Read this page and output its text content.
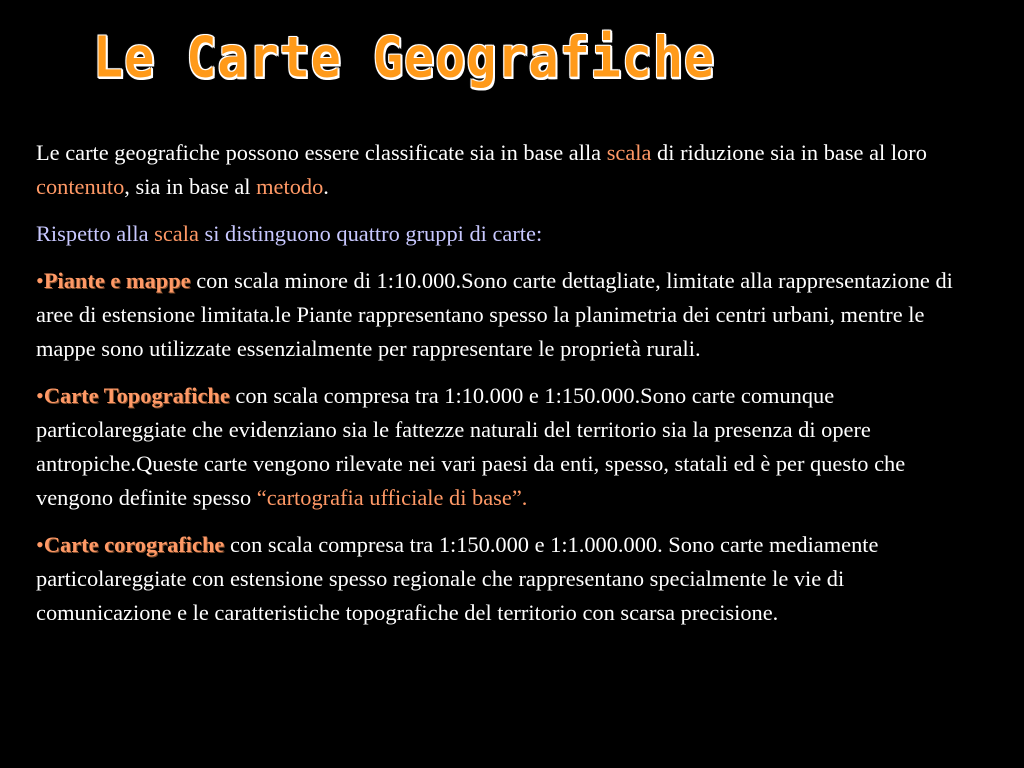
Le Carte Geografiche

Le carte geografiche possono essere classificate sia in base alla scala di riduzione sia in base al loro contenuto, sia in base al metodo.

Rispetto alla scala si distinguono quattro gruppi di carte:

•Piante e mappe con scala minore di 1:10.000.Sono carte dettagliate, limitate alla rappresentazione di aree di estensione limitata.le Piante rappresentano spesso la planimetria dei centri urbani, mentre le mappe sono utilizzate essenzialmente per rappresentare le proprietà rurali.

•Carte Topografiche con scala compresa tra 1:10.000 e 1:150.000.Sono carte comunque particolareggiate che evidenziano sia le fattezze naturali del territorio sia la presenza di opere antropiche.Queste carte vengono rilevate nei vari paesi da enti, spesso, statali ed è per questo che vengono definite spesso “cartografia ufficiale di base”.

•Carte corografiche con scala compresa tra 1:150.000 e 1:1.000.000. Sono carte mediamente particolareggiate con estensione spesso regionale che rappresentano specialmente le vie di comunicazione e le caratteristiche topografiche del territorio con scarsa precisione.
